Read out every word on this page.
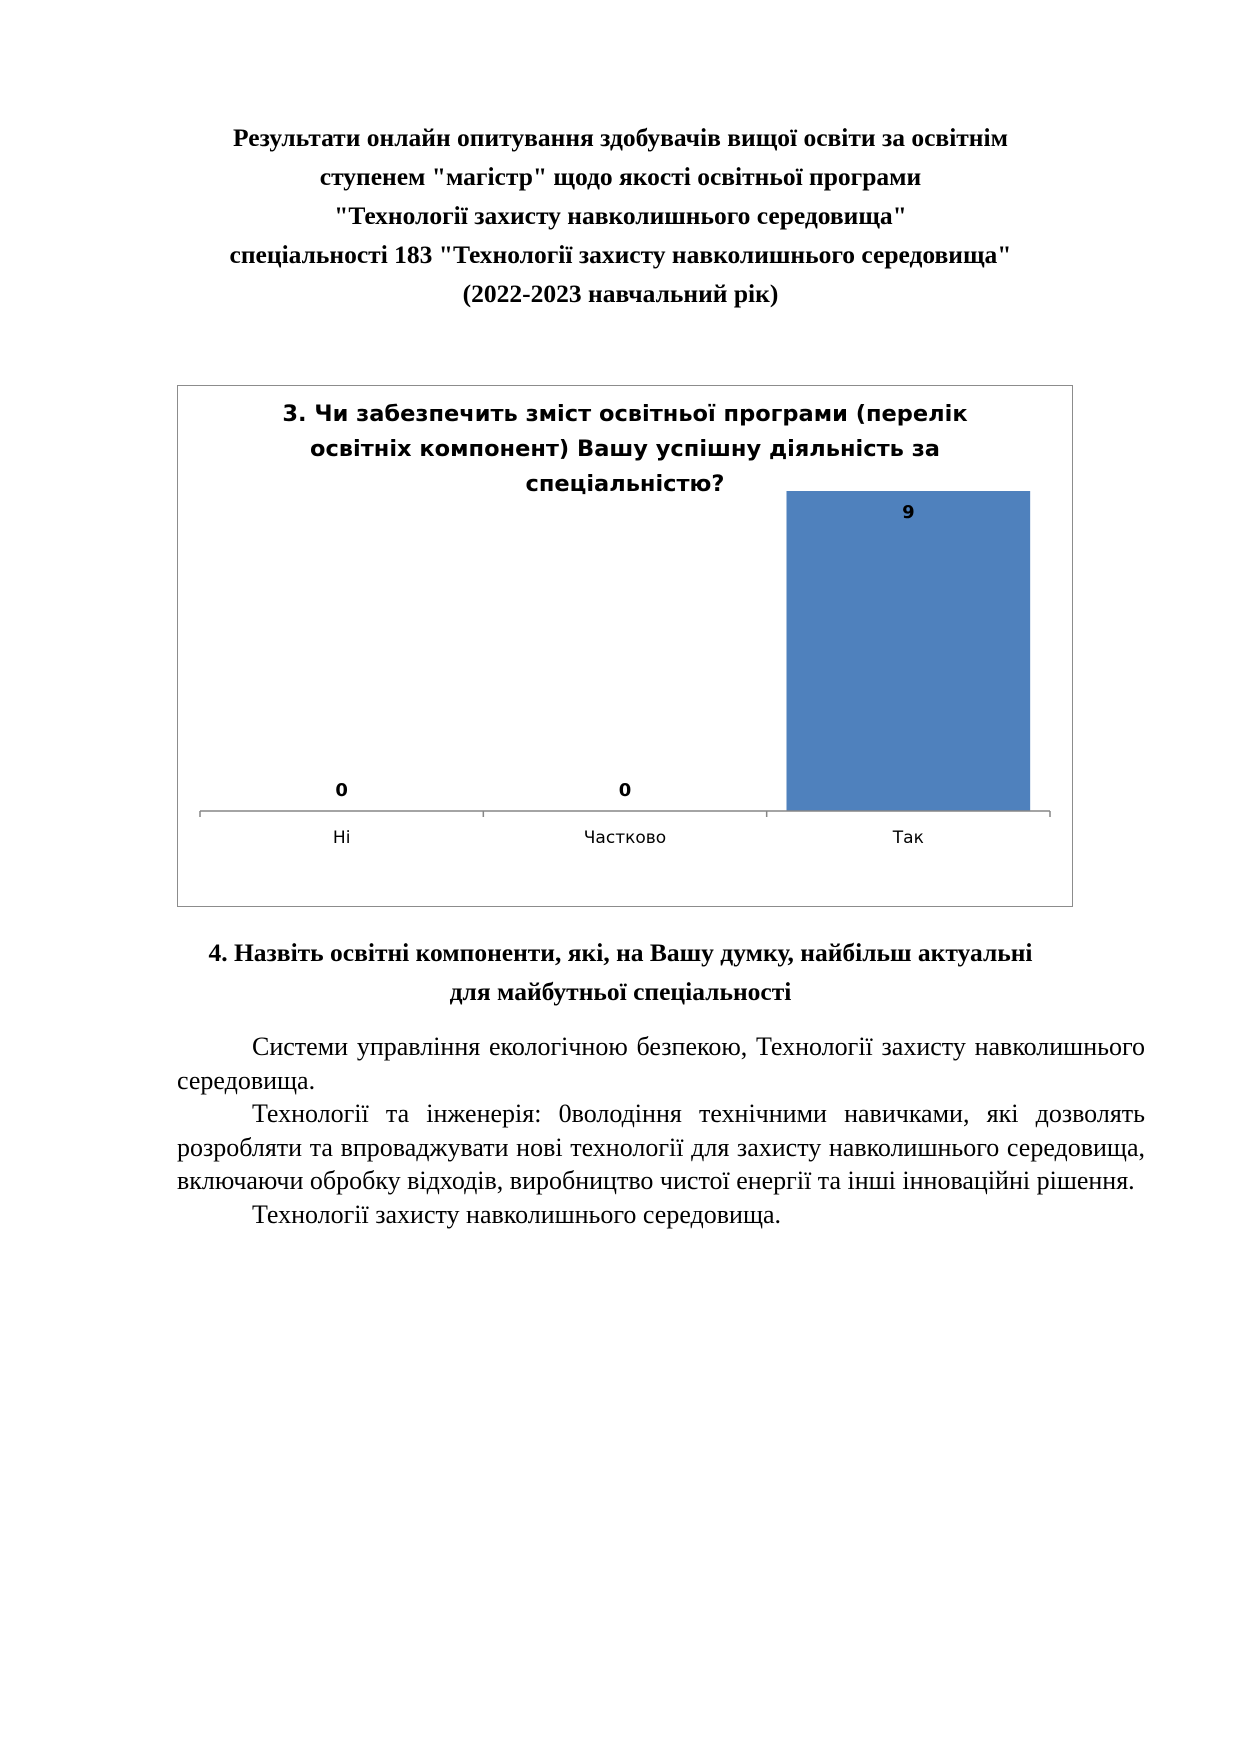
Результати онлайн опитування здобувачів вищої освіти за освітнім
ступенем "магістр" щодо якості освітньої програми
"Технології захисту навколишнього середовища"
спеціальності 183 "Технології захисту навколишнього середовища"
(2022-2023 навчальний рік)
3. Чи забезпечить зміст освітньої програми (перелік
освітніх компонент) Вашу успішну діяльність за
спеціальністю?
0	0
9
Ні	Частково	Так
4. Назвіть освітні компоненти, які, на Вашу думку, найбільш актуальні
для майбутньої спеціальності

Системи управління екологічною безпекою, Технології захисту навколишнього середовища.

Технології та інженерія: 0володіння технічними навичками, які дозволять розробляти та впроваджувати нові технології для захисту навколишнього середовища, включаючи обробку відходів, виробництво чистої енергії та інші інноваційні рішення.

Технології захисту навколишнього середовища.
